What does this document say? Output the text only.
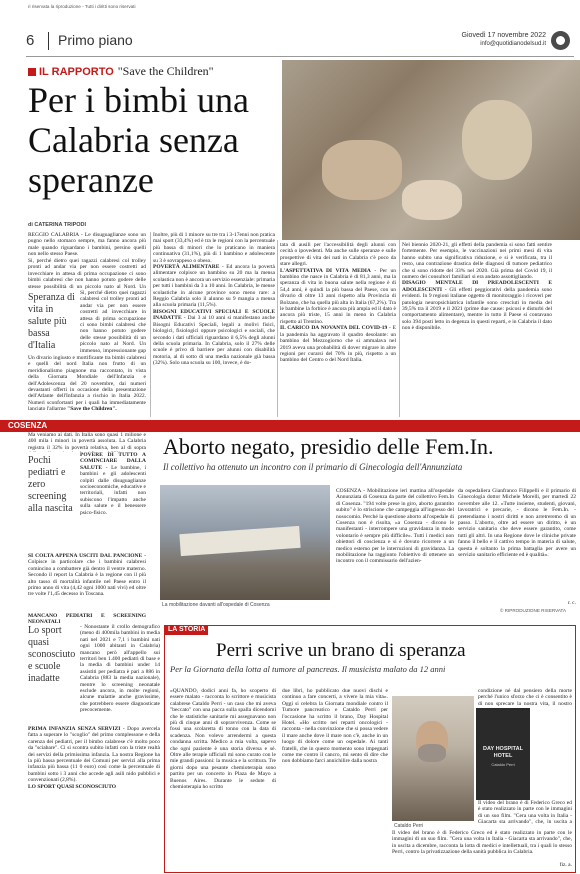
ri riservata la riproduzione - Tutti i diritti sono riservati
6 Primo piano	Giovedì 17 novembre 2022
info@quotidianodelsud.it
IL RAPPORTO "Save the Children"
Per i bimbi una Calabria senza speranze
di CATERINA TRIPODI
REGGIO CALABRIA - Le disuguaglianze sono un pugno nello stomaco sempre, ma fanno ancora più male quando riguardano i bambini, persino quelli non nello stesso Paese.
Si, perché dietro quei ragazzi calabresi col trolley pronti ad andar via per non essere costretti ad invecchiare in attesa di prima occupazione ci sono bimbi calabresi che non hanno potuto godere delle stesse possibilità di un piccolo nato al Nord. Un
Speranza di vita in salute più bassa d'Italia
Si, perché dietro quei ragazzi calabresi col trolley pronti ad andar via per non essere costretti ad invecchiare in attesa di prima occupazione ci sono bimbi calabresi che non hanno potuto godere delle stesse possibilità di un piccolo nato al Nord. Un immenso, impressionante gap
Un divario ingiusto e mortificante tra bimbi calabresi e quelli del nord Italia non frutto di un meridionalismo piagnone ma raccontato, in vista della Giornata Mondiale dell'Infanzia e dell'Adolescenza del 20 novembre, dai numeri devastanti offerti in occasione della presentazione dell'Atlante dell'Infanzia a rischio in Italia 2022. Numeri sconfortanti per i quali ha immediatamente lanciato l'allarme "Save the Children".
Ma veniamo ai dati. In Italia sono quasi 1 milione e 400 mila i minori in povertà assoluta. La Calabria registra il 32% in povertà relativa, ben al di sopra
Pochi pediatri e zero screening alla nascita
POVERE DI TUTTO A COMINCIARE DALLA SALUTE - Le bambine, i bambini e gli adolescenti colpiti dalle disuguaglianze socioeconomiche, educative e territoriali, infatti non subiscono l'impatto anche sulla salute e il benessere psico-fisico.
SI COLTA APPENA USCITI DAL PANCIONE - Colpisce in particolare che i bambini calabresi comincino a combattere già dentro il ventre materno. Secondo il report la Calabria è la regione con il più alto tasso di mortalità infantile nel Paese entro il primo anno di vita (4,42 ogni 1000 nati vivi) ed oltre tre volte l'1,45 decesso in Toscana.
MANCANO PEDIATRI E SCREENING NEONATALI
Lo sport quasi sconosciuto e scuole inadatte
- Nonostante il crollo demografico (meno di 400mila bambini in media nati nel 2021 e 7,1 i bambini nati ogni 1000 abitanti in Calabria) mancano però all'appello sui territori ben 1.400 pediatri di base e la media di bambini under 14 assistiti per pediatra è pari a 886 in Calabria (883 la media nazionale), mentre lo screening neonatale esclude ancora, in molte regioni, alcune malattie anche gravissime, che potrebbero essere diagnosticate precocemente.
PRIMA INFANZIA SENZA SERVIZI - Dopo avercela fatta a superare lo "scoglio" del primo complessone e della carenza dei pediatri, per il bimbo calabrese c'è molto poco da "sciabare". Ci si scontra subito infatti con la triste realtà dei servizi della primissima infanzia. La nostra Regione ha la più bassa percentuale dei Comuni per servizi alla prima infanzia più bassa (11 0 euro) così come la percentuale di bambini sotto i 3 anni che accede agli asili nido pubblici e convenzionati (2,8%).
LO SPORT QUASI SCONOSCIUTO
Inoltre, più di 1 minore su tre tra i 3-17enni non pratica mai sport (33,4%) ed è tra le regioni con la percentuale più bassa di minori che lo praticano in maniera continuativa (31,1%), più di 1 bambino e adolescente su 3 è sovrappeso o obeso.
POVERTÀ ALIMENTARE - Ed ancora la povertà alimentare colpisce un bambino su 20 ma la mensa scolastica non è ancora un servizio essenziale: primaria per tutti i bambini da 3 a 10 anni. In Calabria, le mense scolastiche in alcune province sono meno rare: a Reggio Calabria solo il alunno su 9 mangia a mensa alla scuola primaria (11,5%).
BISOGNI EDUCATIVI SPECIALI E SCUOLE INADATTE - Dai 3 ai 10 anni si manifestano anche Bisogni Educativi Speciali, legali a molivi fisici, biologici, fisiologici oppure psicologici e sociali, che secondo i dati ufficiali riguardano il 6,5% degli alunni della scuola primaria. In Calabria, solo il 27% delle scuole è privo di barriere per alunni con disabilità motoria, al di sotto di una media nazionale già bassa (32%). Solo una scuola su 100, invece, è do-
tata di ausili per l'accessibilità degli alunni con cecità o ipovedenti. Ma anche sulle speranze e sulle prospettive di vita dei nati in Calabria c'è poco da stare allegri.
L'ASPETTATIVA DI VITA MEDIA - Per un bambino che nasce in Calabria è di 81,3 anni, ma la speranza di vita in buona salute nella regione è di 54,4 anni, è quindi la più bassa del Paese, con un divario di oltre 13 anni rispetto alla Provincia di Bolzano, che ha quella più alta in Italia (67,2%). Tra le bambine la forbice è ancora più ampia ed il dato è ancora più triste, 15 anni in meno in Calabria rispetto al Trentino.
IL CARICO DA NOVANTA DEL COVID-19 - E la pandemia ha aggravato il quadro desolante: un bambino del Mezzogiorno che si ammalava nel 2019 aveva una probabilità di dover migrare in altre regioni per curarsi del 70% in più, rispetto a un bambino del Centro o del Nord Italia.
Nel biennio 2020-21, gli effetti della pandemia si sono fatti sentire fortemente. Per esempio, le vaccinazioni nei primi mesi di vita hanno subito una significativa riduzione, e si è verificata, tra il resto, una contrazione drastica delle diagnosi di tumore pediatrico che si sono ridotte del 33% nel 2020. Già prima del Covid 19, il numero dei consultori familiari si era andato assottigliando.
DISAGIO MENTALE DI PREADOLESCENTI E ADOLESCENTI - Gli effetti peggiorativi della pandemia sono evidenti. In 9 regioni italiane oggetto di monitoraggio i ricoveri per patologia neuropsichiatrica infantile sono cresciuti in media del 39,5% tra il 2019 e il 2021 (prime due cause: psicosi e disturbi del comportamento alimentare), mentre in tutto il Paese si contavano solo 394 posti letto in degenza in questi reparti, e in Calabria il dato non è disponibile.
COSENZA
Aborto negato, presidio delle Fem.In.
Il collettivo ha ottenuto un incontro con il primario di Ginecologia dell'Annunziata
La mobilitazione davanti all'ospedale di Cosenza
COSENZA - Mobilitazione ieri mattina all'ospedale Annunziata di Cosenza da parte del collettivo Fem.In di Cosenza. "194 volte prese in giro, aborto garantito subito" è lo striscione che campeggia all'ingresso del nosocomio. Perché la questione aborto all'ospedale di Cosenza non è risolta, «a Cosenza - dicono le manifestanti - interrompere una gravidanza in modo volontario è sempre più difficile». Tutti i medici non obiettori di coscienza e si è dovuto ricorrere a un medico esterno per le interruzioni di gravidanza. La mobilitazione ha raggiunto l'obiettivo di ottenere un incontro con il commissario dell'azien-
da ospedaliera Gianfranco Filippelli e il primario di Ginecologia dottor Michele Morelli, per martedì 22 novembre alle 12. «Tutte insieme, studenti, giovani, lavoratrici e precarie, - dicono le Fem.In. - pretendiamo i nostri diritti e non arretreremo di un passo. L'aborto, oltre ad essere un diritto, è un servizio sanitario che deve essere garantito, come tutti gli altri. In una Regione dove le cliniche private fanno il bello e il cattivo tempo in materia di salute, questa è soltanto la prima battaglia per avere un servizio sanitario efficiente ed è qualità».
r. c.
© RIPRODUZIONE RISERVATA
LA STORIA
Perri scrive un brano di speranza
Per la Giornata della lotta al tumore al pancreas. Il musicista malato da 12 anni
«QUANDO, dodici anni fa, ho scoperto di essere malato - racconta lo scrittore e musicista calabrese Cataldo Perri - un caso che mi aveva "beccato" con una pacca sulla spalla dicendomi che le statistiche sanitarie mi assegnavano non più di cinque anni di sopravvivenza. Come se fossi una scolaretta di tonno con la data di scadenza. Non volevo arrendermi a questa condanna scritta. Medico a mia volta, sapevo che ogni paziente è una storia diversa e sé. Oltre alle terapie ufficiali mi sono curato con le mie grandi passioni: la musica e la scrittura. Tre giorni dopo una pesante chemioterapia sono partito per un concerto in Plaza de Mayo a Buenos Aires. Durante le sedute di chemioterapia ho scritto
due libri, ho pubblicato due nuovi dischi e continuo a fare concerti, a vivere la mia vita». Oggi si celebra la Giornata mondiale contro il Tumore pancreatico e Cataldo Perri per l'occasione ha scritto il brano, Day Hospital Hotel. «Ho scritto nei reparti oncologici - racconta - nella convinzione che si possa vedere il mare anche dove il mare non c'è, anche in un luogo di dolore come un ospedale. Ai tanti fratelli, che in questo momento sono impegnati come me contro il cancro, mi sento di dire che non dobbiamo farci annichilire dalla nostra
Cataldo Perri
DAY HOSPITAL HOTEL
Cataldo Perri
condizione né dal pensiero della morte perché l'unico sforzo che ci è consentito è di non sprecare la nostra vita, il nostro
Il video del brano è di Federico Greco ed è stato realizzato in parte con le immagini di un suo film. "Cera una volta in Italia - Giacarta sta arrivando", che, in uscita a
Il video del brano è di Federico Greco ed è stato realizzato in parte con le immagini di un suo film. "Cera una volta in Italia - Giacarta sta arrivando", che, in uscita a dicembre, racconta la lotta di medici e intellettuali, tra i quali lo stesso Perri, contro la privatizzazione della sanità pubblica in Calabria.
fiz. a.
